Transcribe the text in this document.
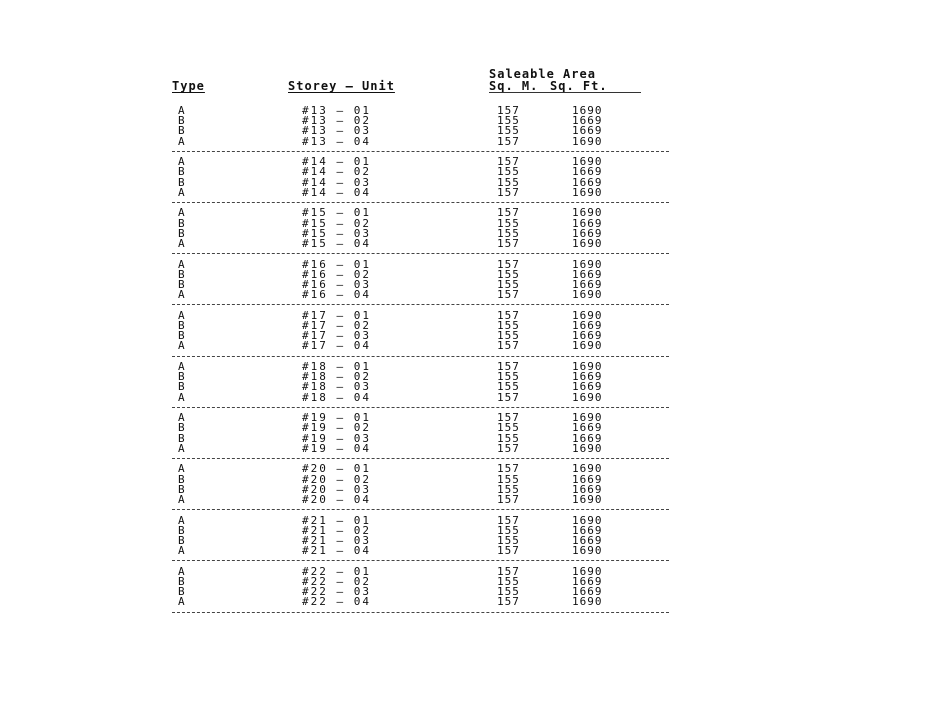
Saleable Area
Type	Storey – Unit	Sq. M. Sq. Ft.
A	#13 – 01	157	1690
B	#13 – 02	155	1669
B	#13 – 03	155	1669
A	#13 – 04	157	1690
A	#14 – 01	157	1690
B	#14 – 02	155	1669
B	#14 – 03	155	1669
A	#14 – 04	157	1690
A	#15 – 01	157	1690
B	#15 – 02	155	1669
B	#15 – 03	155	1669
A	#15 – 04	157	1690
A	#16 – 01	157	1690
B	#16 – 02	155	1669
B	#16 – 03	155	1669
A	#16 – 04	157	1690
A	#17 – 01	157	1690
B	#17 – 02	155	1669
B	#17 – 03	155	1669
A	#17 – 04	157	1690
A	#18 – 01	157	1690
B	#18 – 02	155	1669
B	#18 – 03	155	1669
A	#18 – 04	157	1690
A	#19 – 01	157	1690
B	#19 – 02	155	1669
B	#19 – 03	155	1669
A	#19 – 04	157	1690
A	#20 – 01	157	1690
B	#20 – 02	155	1669
B	#20 – 03	155	1669
A	#20 – 04	157	1690
A	#21 – 01	157	1690
B	#21 – 02	155	1669
B	#21 – 03	155	1669
A	#21 – 04	157	1690
A	#22 – 01	157	1690
B	#22 – 02	155	1669
B	#22 – 03	155	1669
A	#22 – 04	157	1690
